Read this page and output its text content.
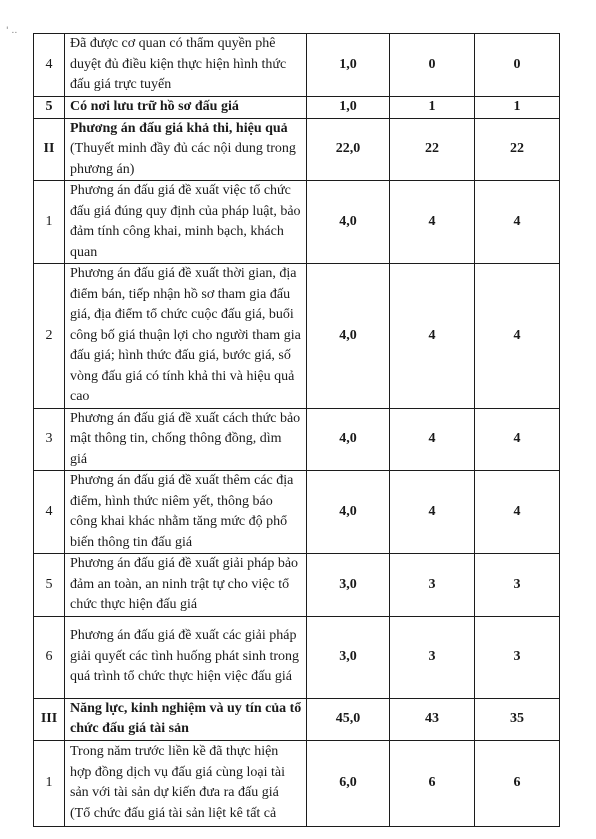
' ‥
4	Đã được cơ quan có thẩm quyền phê duyệt đủ điều kiện thực hiện hình thức đấu giá trực tuyến	1,0	0	0
5	Có nơi lưu trữ hồ sơ đấu giá	1,0	1	1
II	Phương án đấu giá khả thi, hiệu quả (Thuyết minh đầy đủ các nội dung trong phương án)	22,0	22	22
1	Phương án đấu giá đề xuất việc tổ chức đấu giá đúng quy định của pháp luật, bảo đảm tính công khai, minh bạch, khách quan	4,0	4	4
2	Phương án đấu giá đề xuất thời gian, địa điểm bán, tiếp nhận hồ sơ tham gia đấu giá, địa điểm tổ chức cuộc đấu giá, buổi công bố giá thuận lợi cho người tham gia đấu giá; hình thức đấu giá, bước giá, số vòng đấu giá có tính khả thi và hiệu quả cao	4,0	4	4
3	Phương án đấu giá đề xuất cách thức bảo mật thông tin, chống thông đồng, dìm giá	4,0	4	4
4	Phương án đấu giá đề xuất thêm các địa điểm, hình thức niêm yết, thông báo công khai khác nhằm tăng mức độ phổ biến thông tin đấu giá	4,0	4	4
5	Phương án đấu giá đề xuất giải pháp bảo đảm an toàn, an ninh trật tự cho việc tổ chức thực hiện đấu giá	3,0	3	3
6	Phương án đấu giá đề xuất các giải pháp giải quyết các tình huống phát sinh trong quá trình tổ chức thực hiện việc đấu giá	3,0	3	3
III	Năng lực, kinh nghiệm và uy tín của tổ chức đấu giá tài sản	45,0	43	35
1	Trong năm trước liền kề đã thực hiện hợp đồng dịch vụ đấu giá cùng loại tài sản với tài sản dự kiến đưa ra đấu giá (Tổ chức đấu giá tài sản liệt kê tất cả	6,0	6	6
